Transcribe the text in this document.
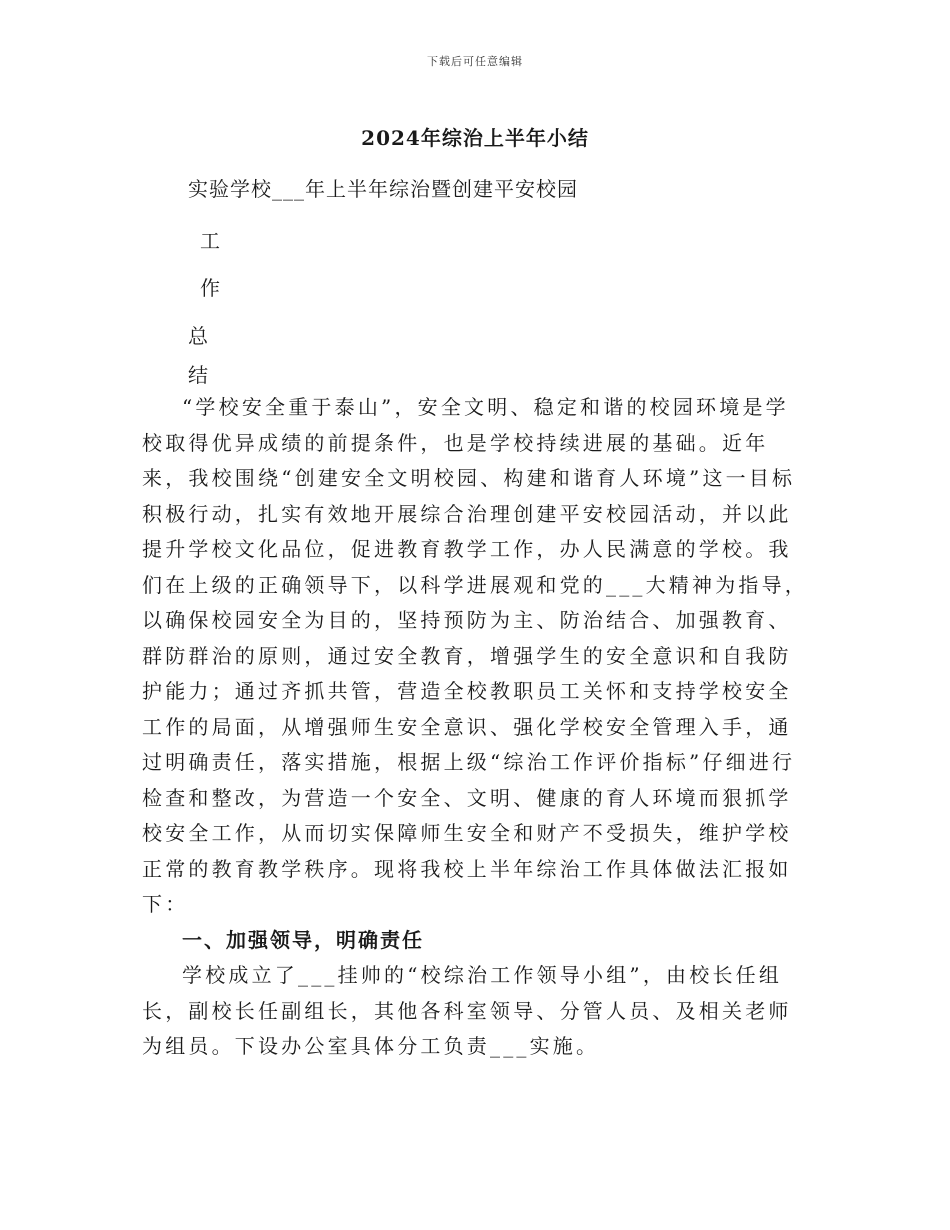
下载后可任意编辑
2024年综治上半年小结
实验学校___年上半年综治暨创建平安校园
工
作
总
结

“学校安全重于泰山”，安全文明、稳定和谐的校园环境是学校取得优异成绩的前提条件，也是学校持续进展的基础。近年来，我校围绕“创建安全文明校园、构建和谐育人环境”这一目标积极行动，扎实有效地开展综合治理创建平安校园活动，并以此提升学校文化品位，促进教育教学工作，办人民满意的学校。我们在上级的正确领导下，以科学进展观和党的___大精神为指导，以确保校园安全为目的，坚持预防为主、防治结合、加强教育、群防群治的原则，通过安全教育，增强学生的安全意识和自我防护能力；通过齐抓共管，营造全校教职员工关怀和支持学校安全工作的局面，从增强师生安全意识、强化学校安全管理入手，通过明确责任，落实措施，根据上级“综治工作评价指标”仔细进行检查和整改，为营造一个安全、文明、健康的育人环境而狠抓学校安全工作，从而切实保障师生安全和财产不受损失，维护学校正常的教育教学秩序。现将我校上半年综治工作具体做法汇报如下：

一、加强领导，明确责任

学校成立了___挂帅的“校综治工作领导小组”，由校长任组长，副校长任副组长，其他各科室领导、分管人员、及相关老师为组员。下设办公室具体分工负责___实施。
